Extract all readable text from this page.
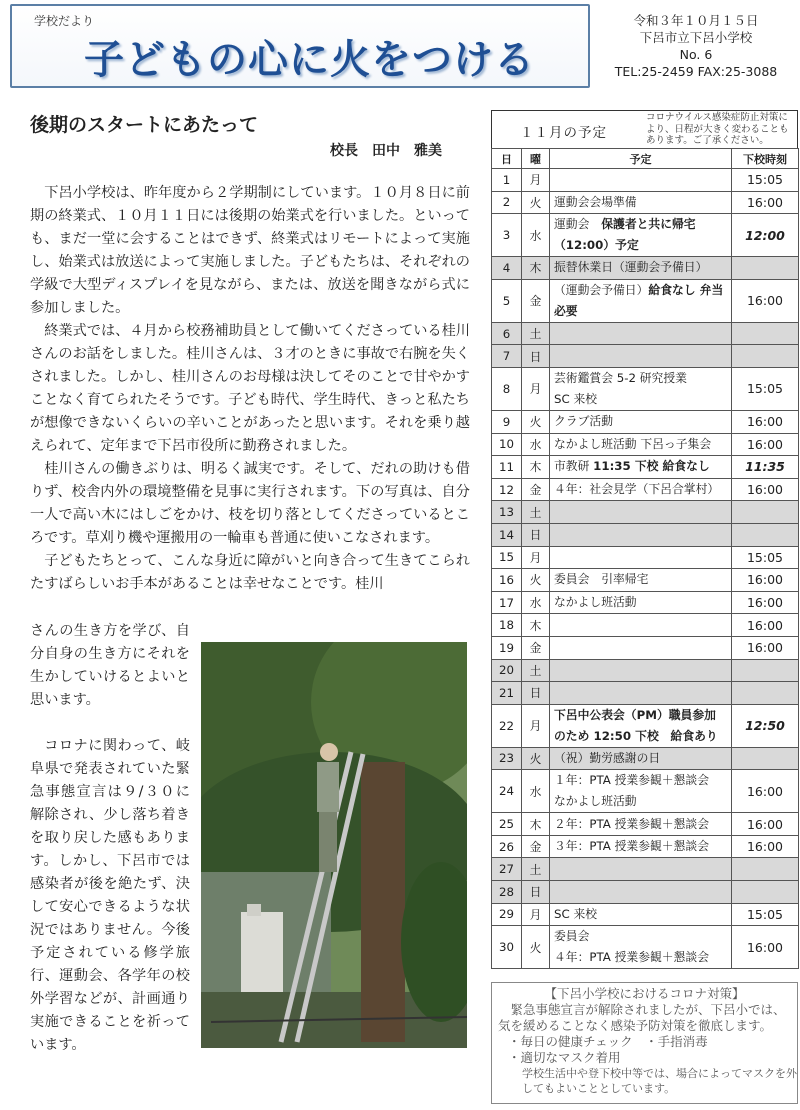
学校だより
子どもの心に火をつける
令和３年１０月１５日
下呂市立下呂小学校
No. 6
TEL:25-2459 FAX:25-3088
後期のスタートにあたって
校長　田中　雅美

下呂小学校は、昨年度から２学期制にしています。１０月８日に前期の終業式、１０月１１日には後期の始業式を行いました。といっても、まだ一堂に会することはできず、終業式はリモートによって実施し、始業式は放送によって実施しました。子どもたちは、それぞれの学級で大型ディスプレイを見ながら、または、放送を聞きながら式に参加しました。

終業式では、４月から校務補助員として働いてくださっている桂川さんのお話をしました。桂川さんは、３才のときに事故で右腕を失くされました。しかし、桂川さんのお母様は決してそのことで甘やかすことなく育てられたそうです。子ども時代、学生時代、きっと私たちが想像できないくらいの辛いことがあったと思います。それを乗り越えられて、定年まで下呂市役所に勤務されました。

桂川さんの働きぶりは、明るく誠実です。そして、だれの助けも借りず、校舎内外の環境整備を見事に実行されます。下の写真は、自分一人で高い木にはしごをかけ、枝を切り落としてくださっているところです。草刈り機や運搬用の一輪車も普通に使いこなされます。

子どもたちとって、こんな身近に障がいと向き合って生きてこられたすばらしいお手本があることは幸せなことです。桂川

さんの生き方を学び、自分自身の生き方にそれを生かしていけるとよいと思います。

コロナに関わって、岐阜県で発表されていた緊急事態宣言は９/３０に解除され、少し落ち着きを取り戻した感もあります。しかし、下呂市では感染者が後を絶たず、決して安心できるような状況ではありません。今後予定されている修学旅行、運動会、各学年の校外学習などが、計画通り実施できることを祈っています。

１１月の予定
コロナウイルス感染症防止対策により、日程が大きく変わることもあります。ご了承ください。
日	曜	予定	下校時刻
1	月		15:05
2	火	運動会会場準備	16:00
3	水	運動会　 保護者と共に帰宅
（12:00）予定	12:00
4	木	振替休業日（運動会予備日）	
5	金	（運動会予備日）給食なし 弁当必要	16:00
6	土		
7	日		
8	月	芸術鑑賞会 5-2 研究授業
SC 来校	15:05
9	火	クラブ活動	16:00
10	水	なかよし班活動 下呂っ子集会	16:00
11	木	市教研 11:35 下校 給食なし	11:35
12	金	４年：社会見学（下呂合掌村）	16:00
13	土		
14	日		
15	月		15:05
16	火	委員会　引率帰宅	16:00
17	水	なかよし班活動	16:00
18	木		16:00
19	金		16:00
20	土		
21	日		
22	月	下呂中公表会（PM）職員参加のため 12:50 下校　給食あり	12:50
23	火	（祝）勤労感謝の日	
24	水	１年：PTA 授業参観＋懇談会
なかよし班活動	16:00
25	木	２年：PTA 授業参観＋懇談会	16:00
26	金	３年：PTA 授業参観＋懇談会	16:00
27	土		
28	日		
29	月	SC 来校	15:05
30	火	委員会
４年：PTA 授業参観＋懇談会	16:00
【下呂小学校におけるコロナ対策】

緊急事態宣言が解除されましたが、下呂小では、気を緩めることなく感染予防対策を徹底します。

・毎日の健康チェック　・手指消毒
・適切なマスク着用
学校生活中や登下校中等では、場合によってマスクを外してもよいこととしています。
